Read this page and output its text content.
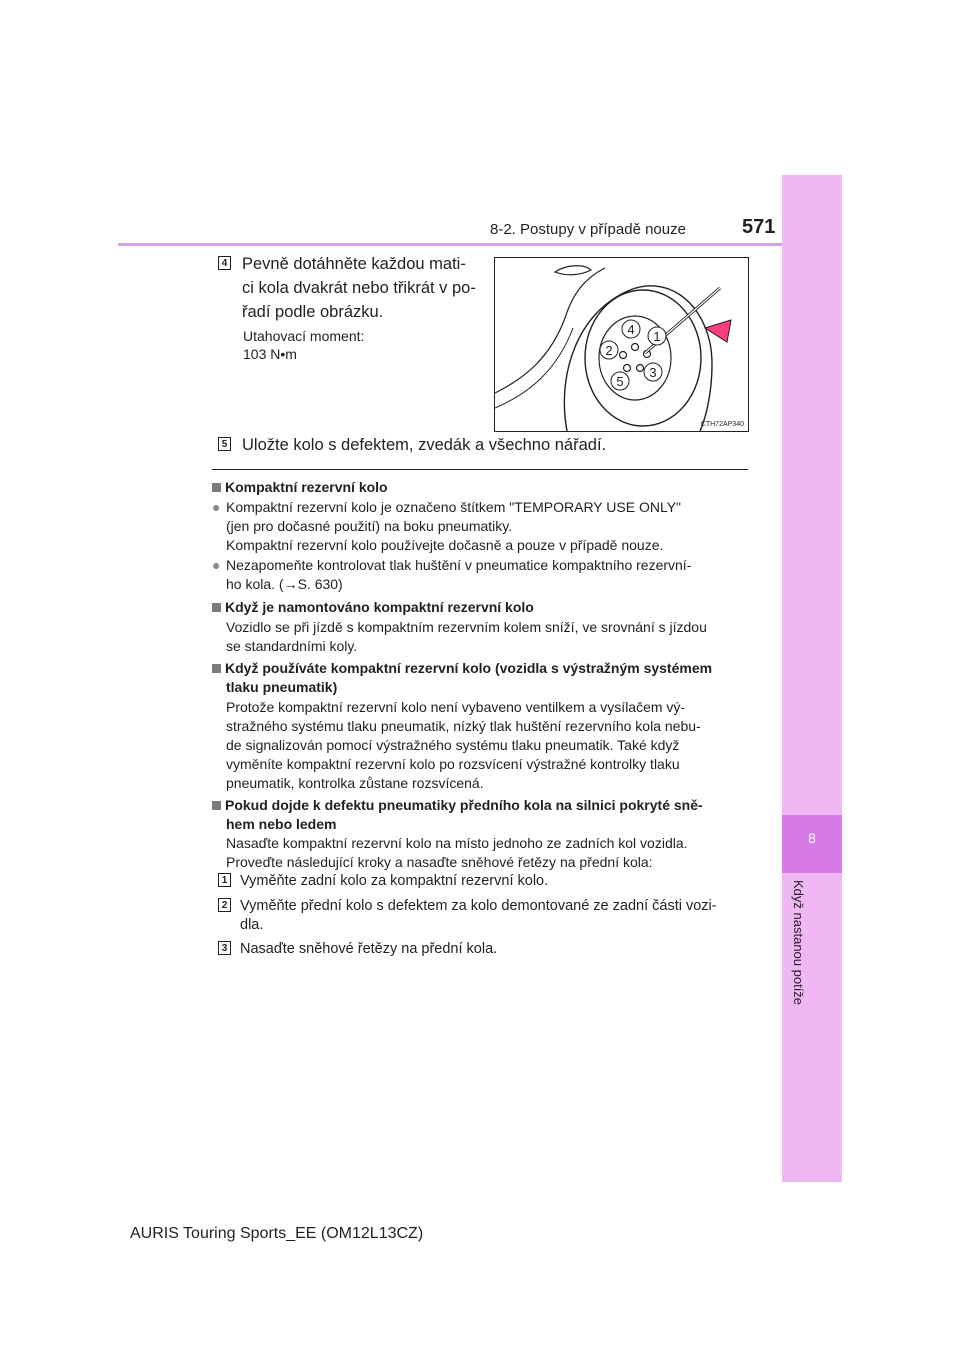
8-2. Postupy v případě nouze	571
8
Když nastanou potíže
4 Pevně dotáhněte každou mati-
ci kola dvakrát nebo třikrát v po-
řadí podle obrázku.
Utahovací moment:
103 N•m
1
2
3
4
5
CTH72AP340
5 Uložte kolo s defektem, zvedák a všechno nářadí.
Kompaktní rezervní kolo
● Kompaktní rezervní kolo je označeno štítkem "TEMPORARY USE ONLY"
(jen pro dočasné použití) na boku pneumatiky.
Kompaktní rezervní kolo používejte dočasně a pouze v případě nouze.
● Nezapomeňte kontrolovat tlak huštění v pneumatice kompaktního rezervní-
ho kola. (→S. 630)
Když je namontováno kompaktní rezervní kolo
Vozidlo se při jízdě s kompaktním rezervním kolem sníží, ve srovnání s jízdou
se standardními koly.
Když používáte kompaktní rezervní kolo (vozidla s výstražným systémem
tlaku pneumatik)
Protože kompaktní rezervní kolo není vybaveno ventilkem a vysílačem vý-
stražného systému tlaku pneumatik, nízký tlak huštění rezervního kola nebu-
de signalizován pomocí výstražného systému tlaku pneumatik. Také když
vyměníte kompaktní rezervní kolo po rozsvícení výstražné kontrolky tlaku
pneumatik, kontrolka zůstane rozsvícená.
Pokud dojde k defektu pneumatiky předního kola na silnici pokryté sně-
hem nebo ledem
Nasaďte kompaktní rezervní kolo na místo jednoho ze zadních kol vozidla.
Proveďte následující kroky a nasaďte sněhové řetězy na přední kola:
1 Vyměňte zadní kolo za kompaktní rezervní kolo.
2 Vyměňte přední kolo s defektem za kolo demontované ze zadní části vozi-
dla.
3 Nasaďte sněhové řetězy na přední kola.
AURIS Touring Sports_EE (OM12L13CZ)
